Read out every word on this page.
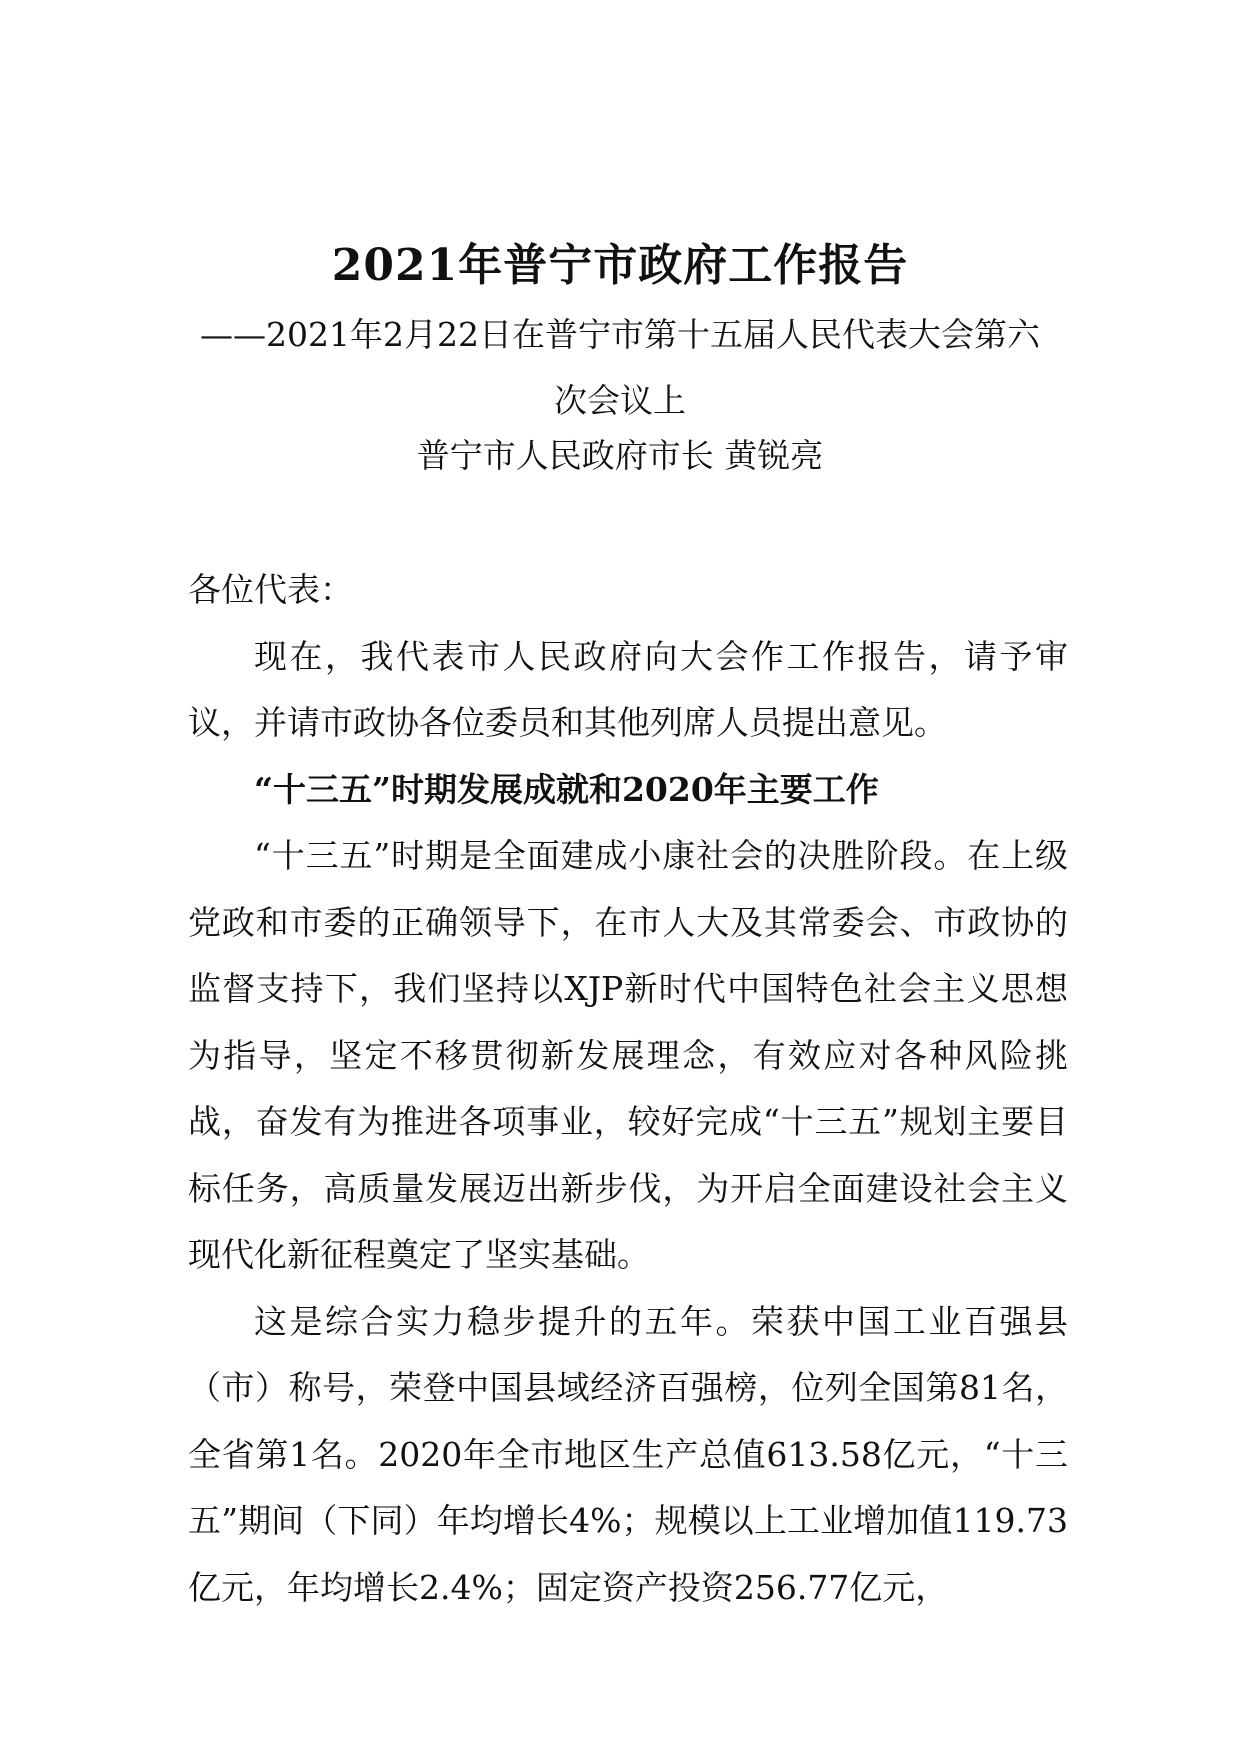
2021年普宁市政府工作报告
——2021年2月22日在普宁市第十五届人民代表大会第六次会议上
普宁市人民政府市长 黄锐亮

各位代表：

现在，我代表市人民政府向大会作工作报告，请予审议，并请市政协各位委员和其他列席人员提出意见。

“十三五”时期发展成就和2020年主要工作

“十三五”时期是全面建成小康社会的决胜阶段。在上级党政和市委的正确领导下，在市人大及其常委会、市政协的监督支持下，我们坚持以XJP新时代中国特色社会主义思想为指导，坚定不移贯彻新发展理念，有效应对各种风险挑战，奋发有为推进各项事业，较好完成“十三五”规划主要目标任务，高质量发展迈出新步伐，为开启全面建设社会主义现代化新征程奠定了坚实基础。

这是综合实力稳步提升的五年。荣获中国工业百强县（市）称号，荣登中国县域经济百强榜，位列全国第81名，全省第1名。2020年全市地区生产总值613.58亿元，“十三五”期间（下同）年均增长4%；规模以上工业增加值119.73亿元，年均增长2.4%；固定资产投资256.77亿元，
